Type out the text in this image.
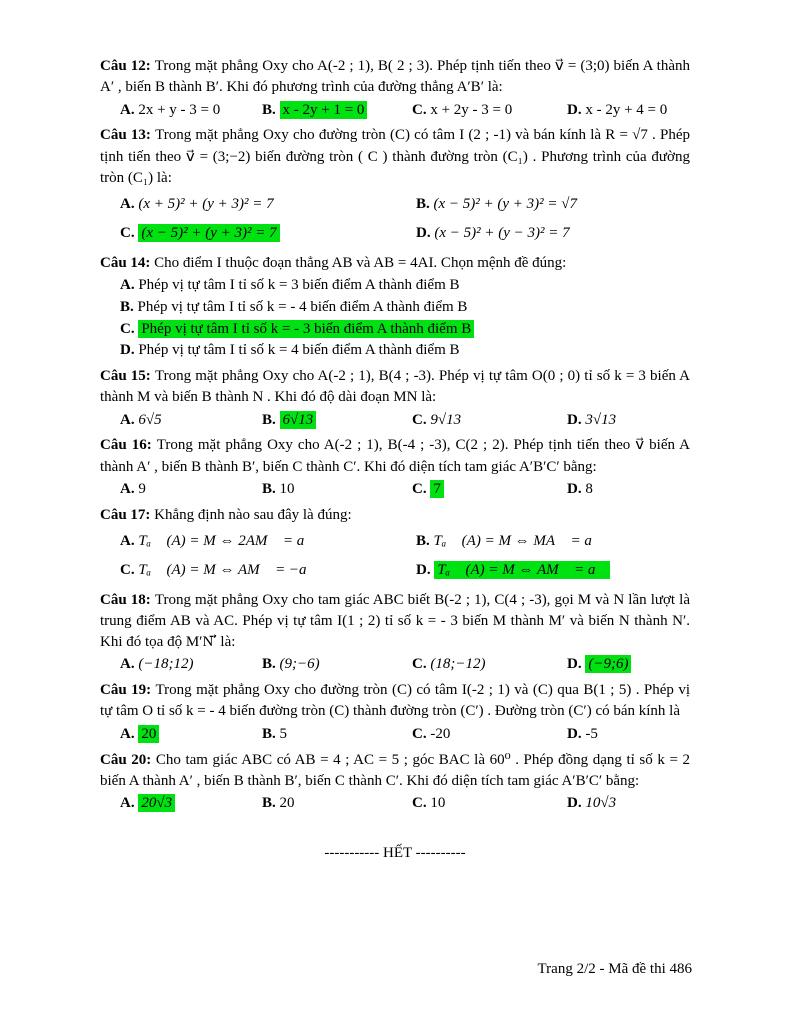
Câu 12: Trong mặt phẳng Oxy cho A(-2 ; 1), B( 2 ; 3). Phép tịnh tiến theo v⃗ = (3;0) biến A thành A′ , biến B thành B′. Khi đó phương trình của đường thẳng A′B′ là:

A. 2x + y - 3 = 0	B. x - 2y + 1 = 0	C. x + 2y - 3 = 0	D. x - 2y + 4 = 0

Câu 13: Trong mặt phẳng Oxy cho đường tròn (C) có tâm I (2 ; -1) và bán kính là R = √7 . Phép tịnh tiến theo v⃗ = (3;−2) biến đường tròn ( C ) thành đường tròn (C₁) . Phương trình của đường tròn (C₁) là:

A. (x + 5)² + (y + 3)² = 7	B. (x − 5)² + (y + 3)² = √7
C. (x − 5)² + (y + 3)² = 7	D. (x − 5)² + (y − 3)² = 7

Câu 14: Cho điểm I thuộc đoạn thẳng AB và AB = 4AI. Chọn mệnh đề đúng:

A. Phép vị tự tâm I tỉ số k = 3 biến điểm A thành điểm B
B. Phép vị tự tâm I tỉ số k = - 4 biến điểm A thành điểm B
C. Phép vị tự tâm I tỉ số k = - 3 biến điểm A thành điểm B
D. Phép vị tự tâm I tỉ số k = 4 biến điểm A thành điểm B

Câu 15: Trong mặt phẳng Oxy cho A(-2 ; 1), B(4 ; -3). Phép vị tự tâm O(0 ; 0) tỉ số k = 3 biến A thành M và biến B thành N . Khi đó độ dài đoạn MN là:

A. 6√5	B. 6√13	C. 9√13	D. 3√13

Câu 16: Trong mặt phẳng Oxy cho A(-2 ; 1), B(-4 ; -3), C(2 ; 2). Phép tịnh tiến theo v⃗ biến A thành A′ , biến B thành B′, biến C thành C′. Khi đó diện tích tam giác A′B′C′ bằng:

A. 9	B. 10	C. 7	D. 8

Câu 17: Khẳng định nào sau đây là đúng:

A. Tₐ⃗ (A) = M ⇔ 2AM⃗ = a⃗	B. Tₐ⃗ (A) = M ⇔ MA⃗ = a⃗
C. Tₐ⃗ (A) = M ⇔ AM⃗ = −a⃗	D. Tₐ⃗ (A) = M ⇔ AM⃗ = a⃗

Câu 18: Trong mặt phẳng Oxy cho tam giác ABC biết B(-2 ; 1), C(4 ; -3), gọi M và N lần lượt là trung điểm AB và AC. Phép vị tự tâm I(1 ; 2) tỉ số k = - 3 biến M thành M′ và biến N thành N′. Khi đó tọa độ M′N′⃗ là:

A. (−18;12)	B. (9;−6)	C. (18;−12)	D. (−9;6)

Câu 19: Trong mặt phẳng Oxy cho đường tròn (C) có tâm I(-2 ; 1) và (C) qua B(1 ; 5) . Phép vị tự tâm O tỉ số k = - 4 biến đường tròn (C) thành đường tròn (C′) . Đường tròn (C′) có bán kính là

A. 20	B. 5	C. -20	D. -5

Câu 20: Cho tam giác ABC có AB = 4 ; AC = 5 ; góc BAC là 60⁰ . Phép đồng dạng tỉ số k = 2 biến A thành A′ , biến B thành B′, biến C thành C′. Khi đó diện tích tam giác A′B′C′ bằng:

A. 20√3	B. 20	C. 10	D. 10√3
----------- HẾT ----------
Trang 2/2 - Mã đề thi 486
